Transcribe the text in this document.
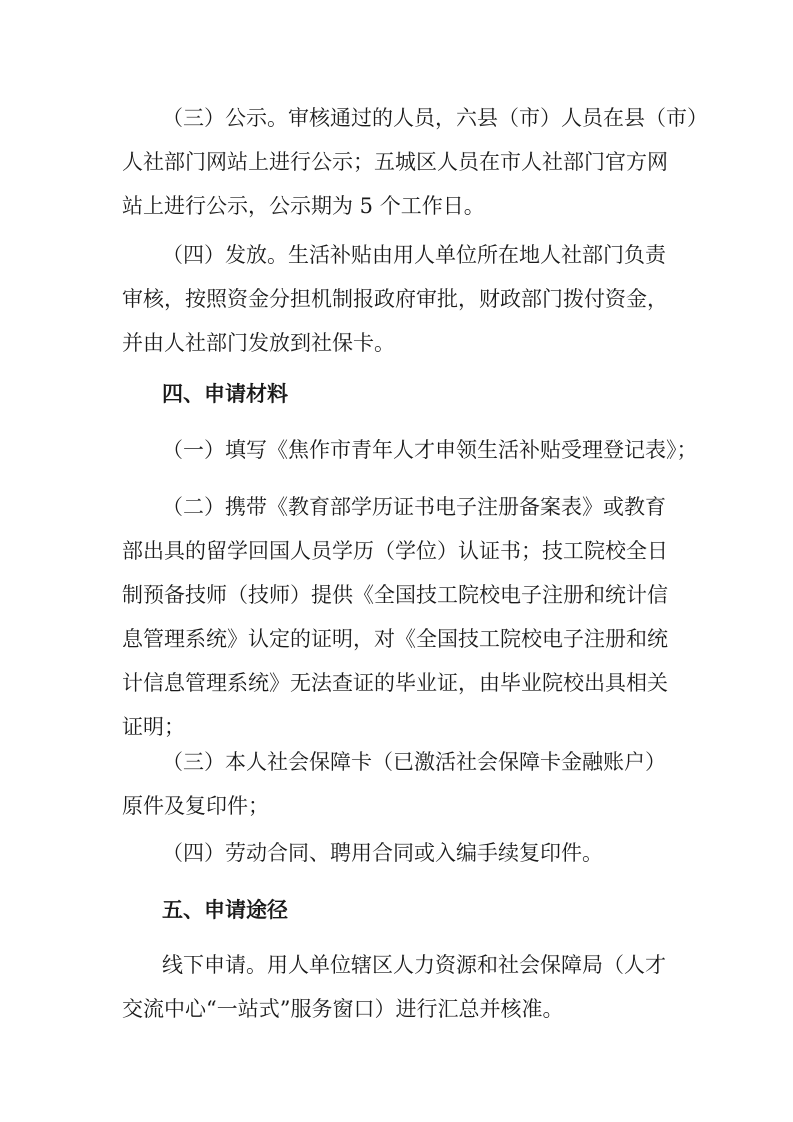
（三）公示。审核通过的人员，六县（市）人员在县（市）
人社部门网站上进行公示；五城区人员在市人社部门官方网
站上进行公示，公示期为 5 个工作日。
（四）发放。生活补贴由用人单位所在地人社部门负责
审核，按照资金分担机制报政府审批，财政部门拨付资金，
并由人社部门发放到社保卡。
四、申请材料
（一）填写《焦作市青年人才申领生活补贴受理登记表》；
（二）携带《教育部学历证书电子注册备案表》或教育
部出具的留学回国人员学历（学位）认证书；技工院校全日
制预备技师（技师）提供《全国技工院校电子注册和统计信
息管理系统》认定的证明，对《全国技工院校电子注册和统
计信息管理系统》无法查证的毕业证，由毕业院校出具相关
证明；
（三）本人社会保障卡（已激活社会保障卡金融账户）
原件及复印件；
（四）劳动合同、聘用合同或入编手续复印件。
五、申请途径
线下申请。用人单位辖区人力资源和社会保障局（人才
交流中心“一站式”服务窗口）进行汇总并核准。
